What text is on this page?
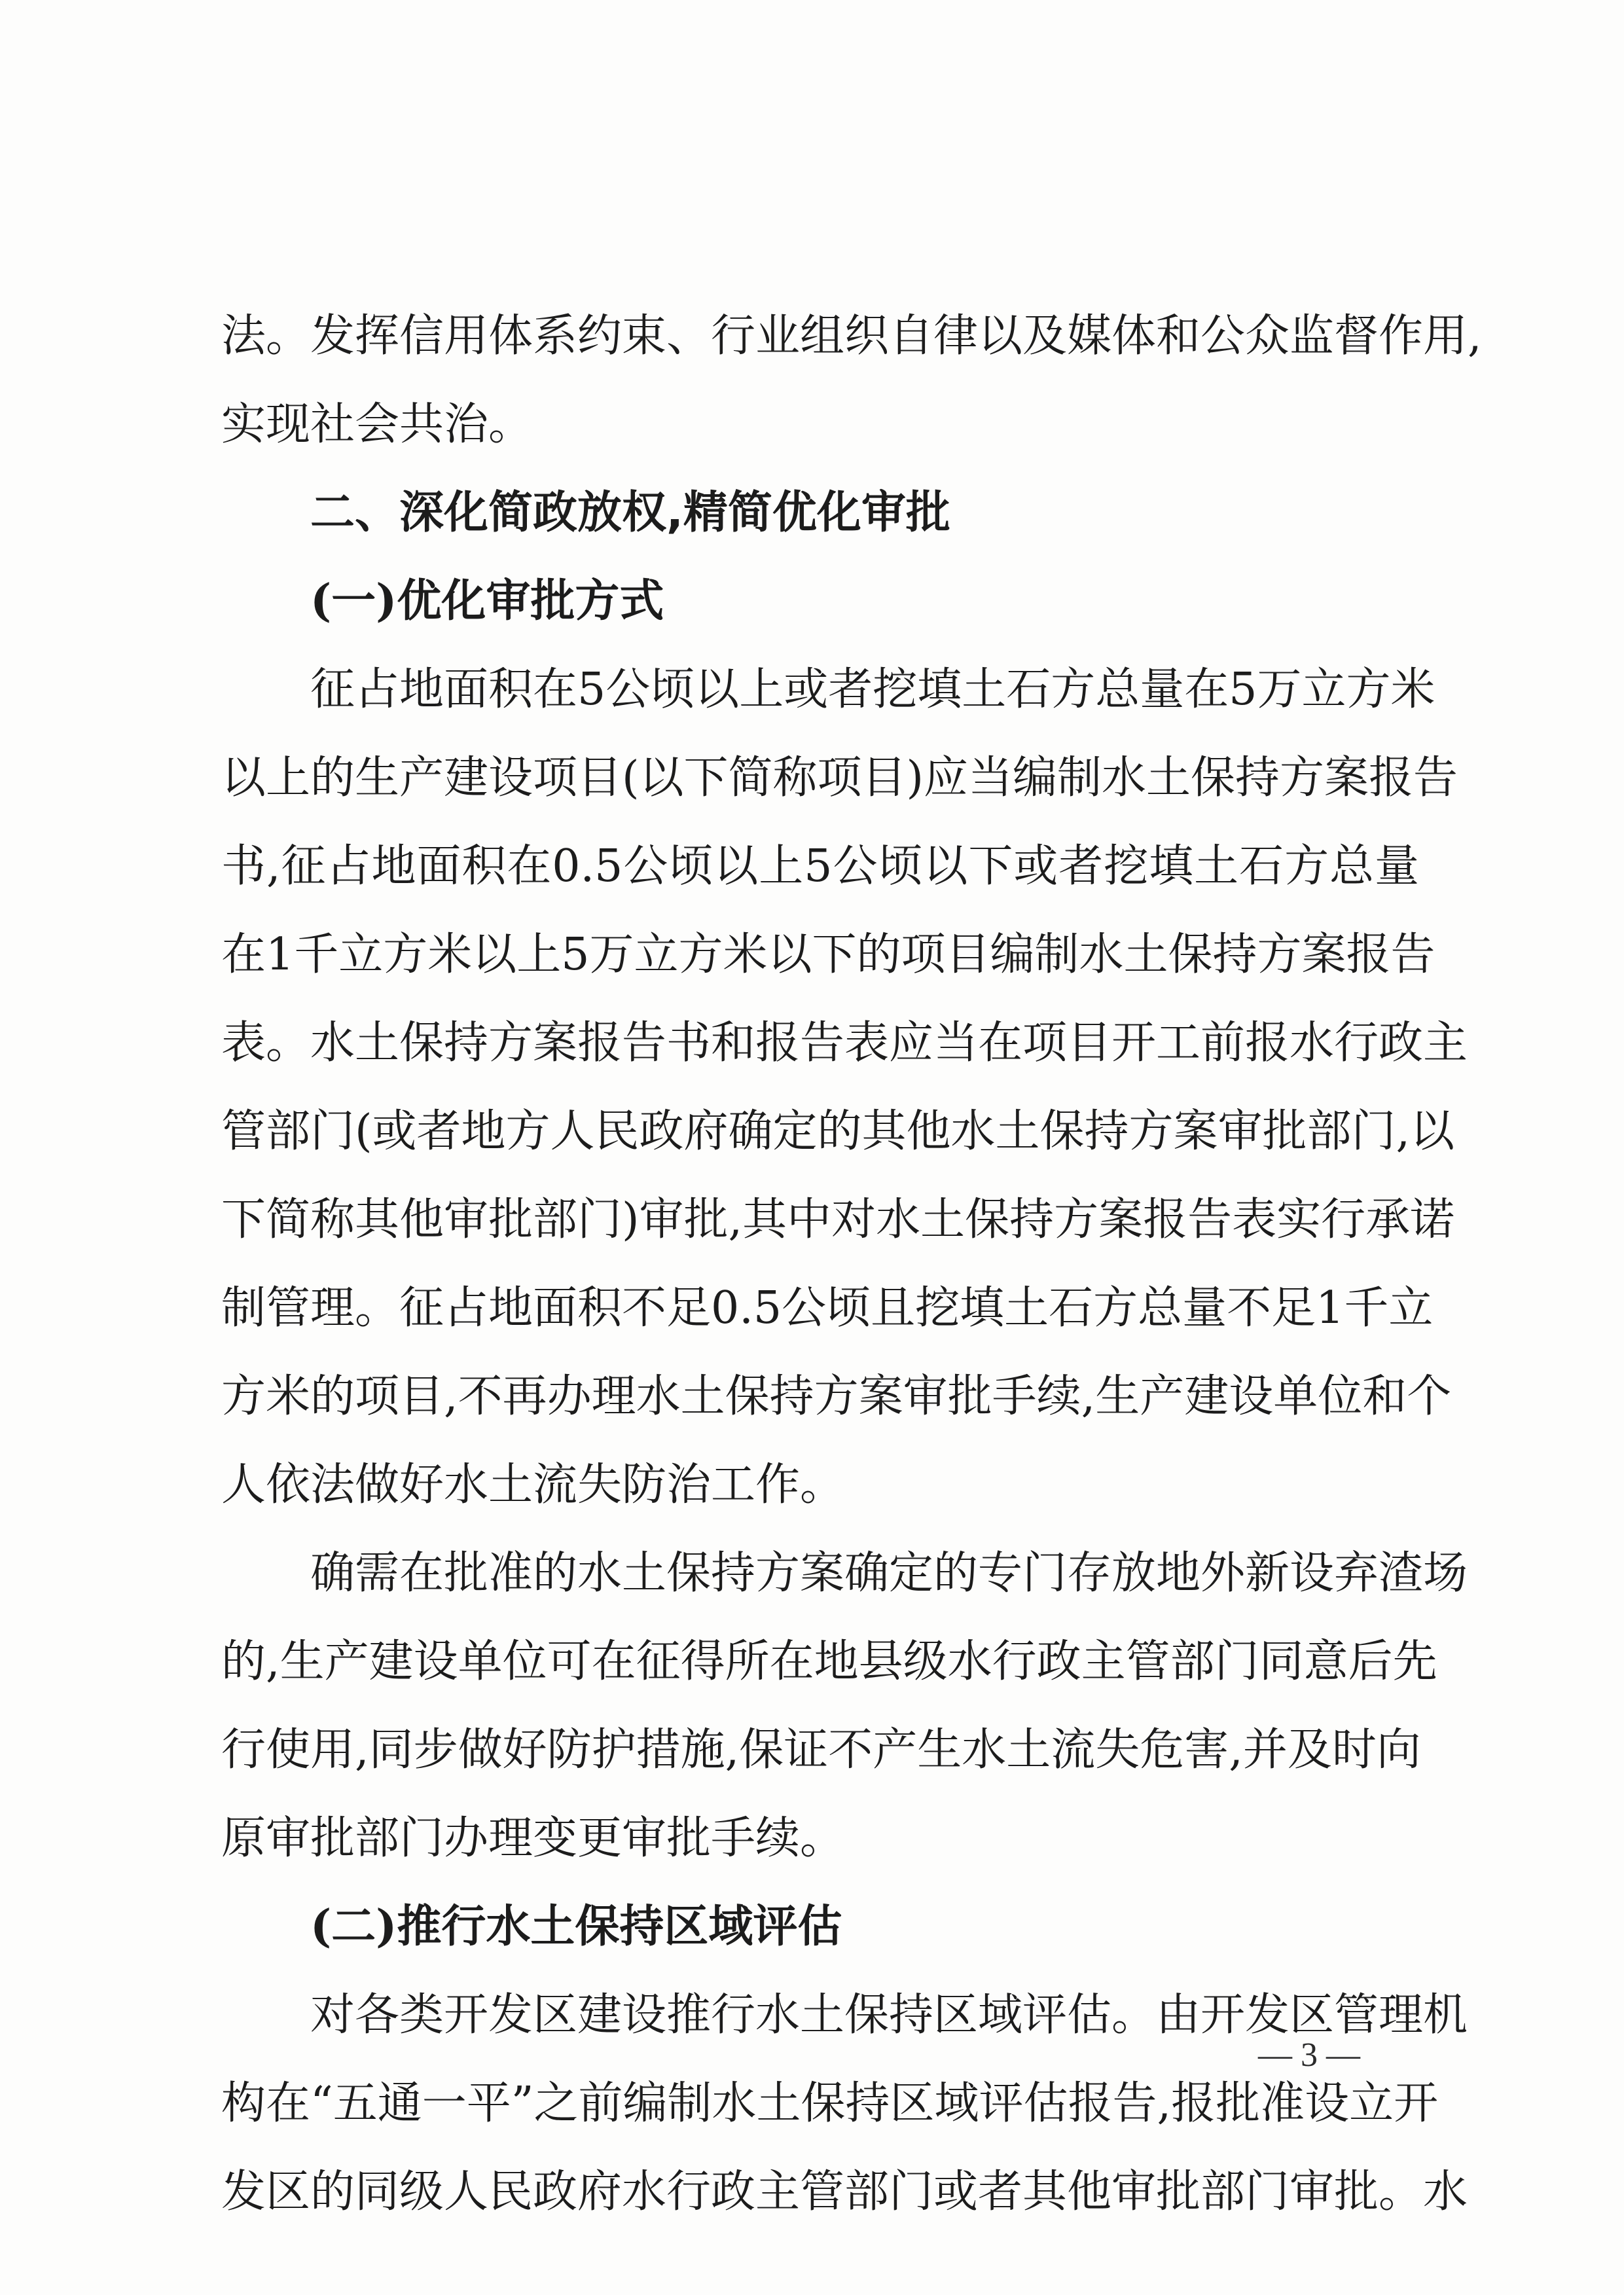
法。发挥信用体系约束、行业组织自律以及媒体和公众监督作用,
实现社会共治。
二、深化简政放权,精简优化审批
(一)优化审批方式
征占地面积在5公顷以上或者挖填土石方总量在5万立方米
以上的生产建设项目(以下简称项目)应当编制水土保持方案报告
书,征占地面积在0.5公顷以上5公顷以下或者挖填土石方总量
在1千立方米以上5万立方米以下的项目编制水土保持方案报告
表。水土保持方案报告书和报告表应当在项目开工前报水行政主
管部门(或者地方人民政府确定的其他水土保持方案审批部门,以
下简称其他审批部门)审批,其中对水土保持方案报告表实行承诺
制管理。征占地面积不足0.5公顷且挖填土石方总量不足1千立
方米的项目,不再办理水土保持方案审批手续,生产建设单位和个
人依法做好水土流失防治工作。
确需在批准的水土保持方案确定的专门存放地外新设弃渣场
的,生产建设单位可在征得所在地县级水行政主管部门同意后先
行使用,同步做好防护措施,保证不产生水土流失危害,并及时向
原审批部门办理变更审批手续。
(二)推行水土保持区域评估
对各类开发区建设推行水土保持区域评估。由开发区管理机
构在“五通一平”之前编制水土保持区域评估报告,报批准设立开
发区的同级人民政府水行政主管部门或者其他审批部门审批。水
— 3 —
